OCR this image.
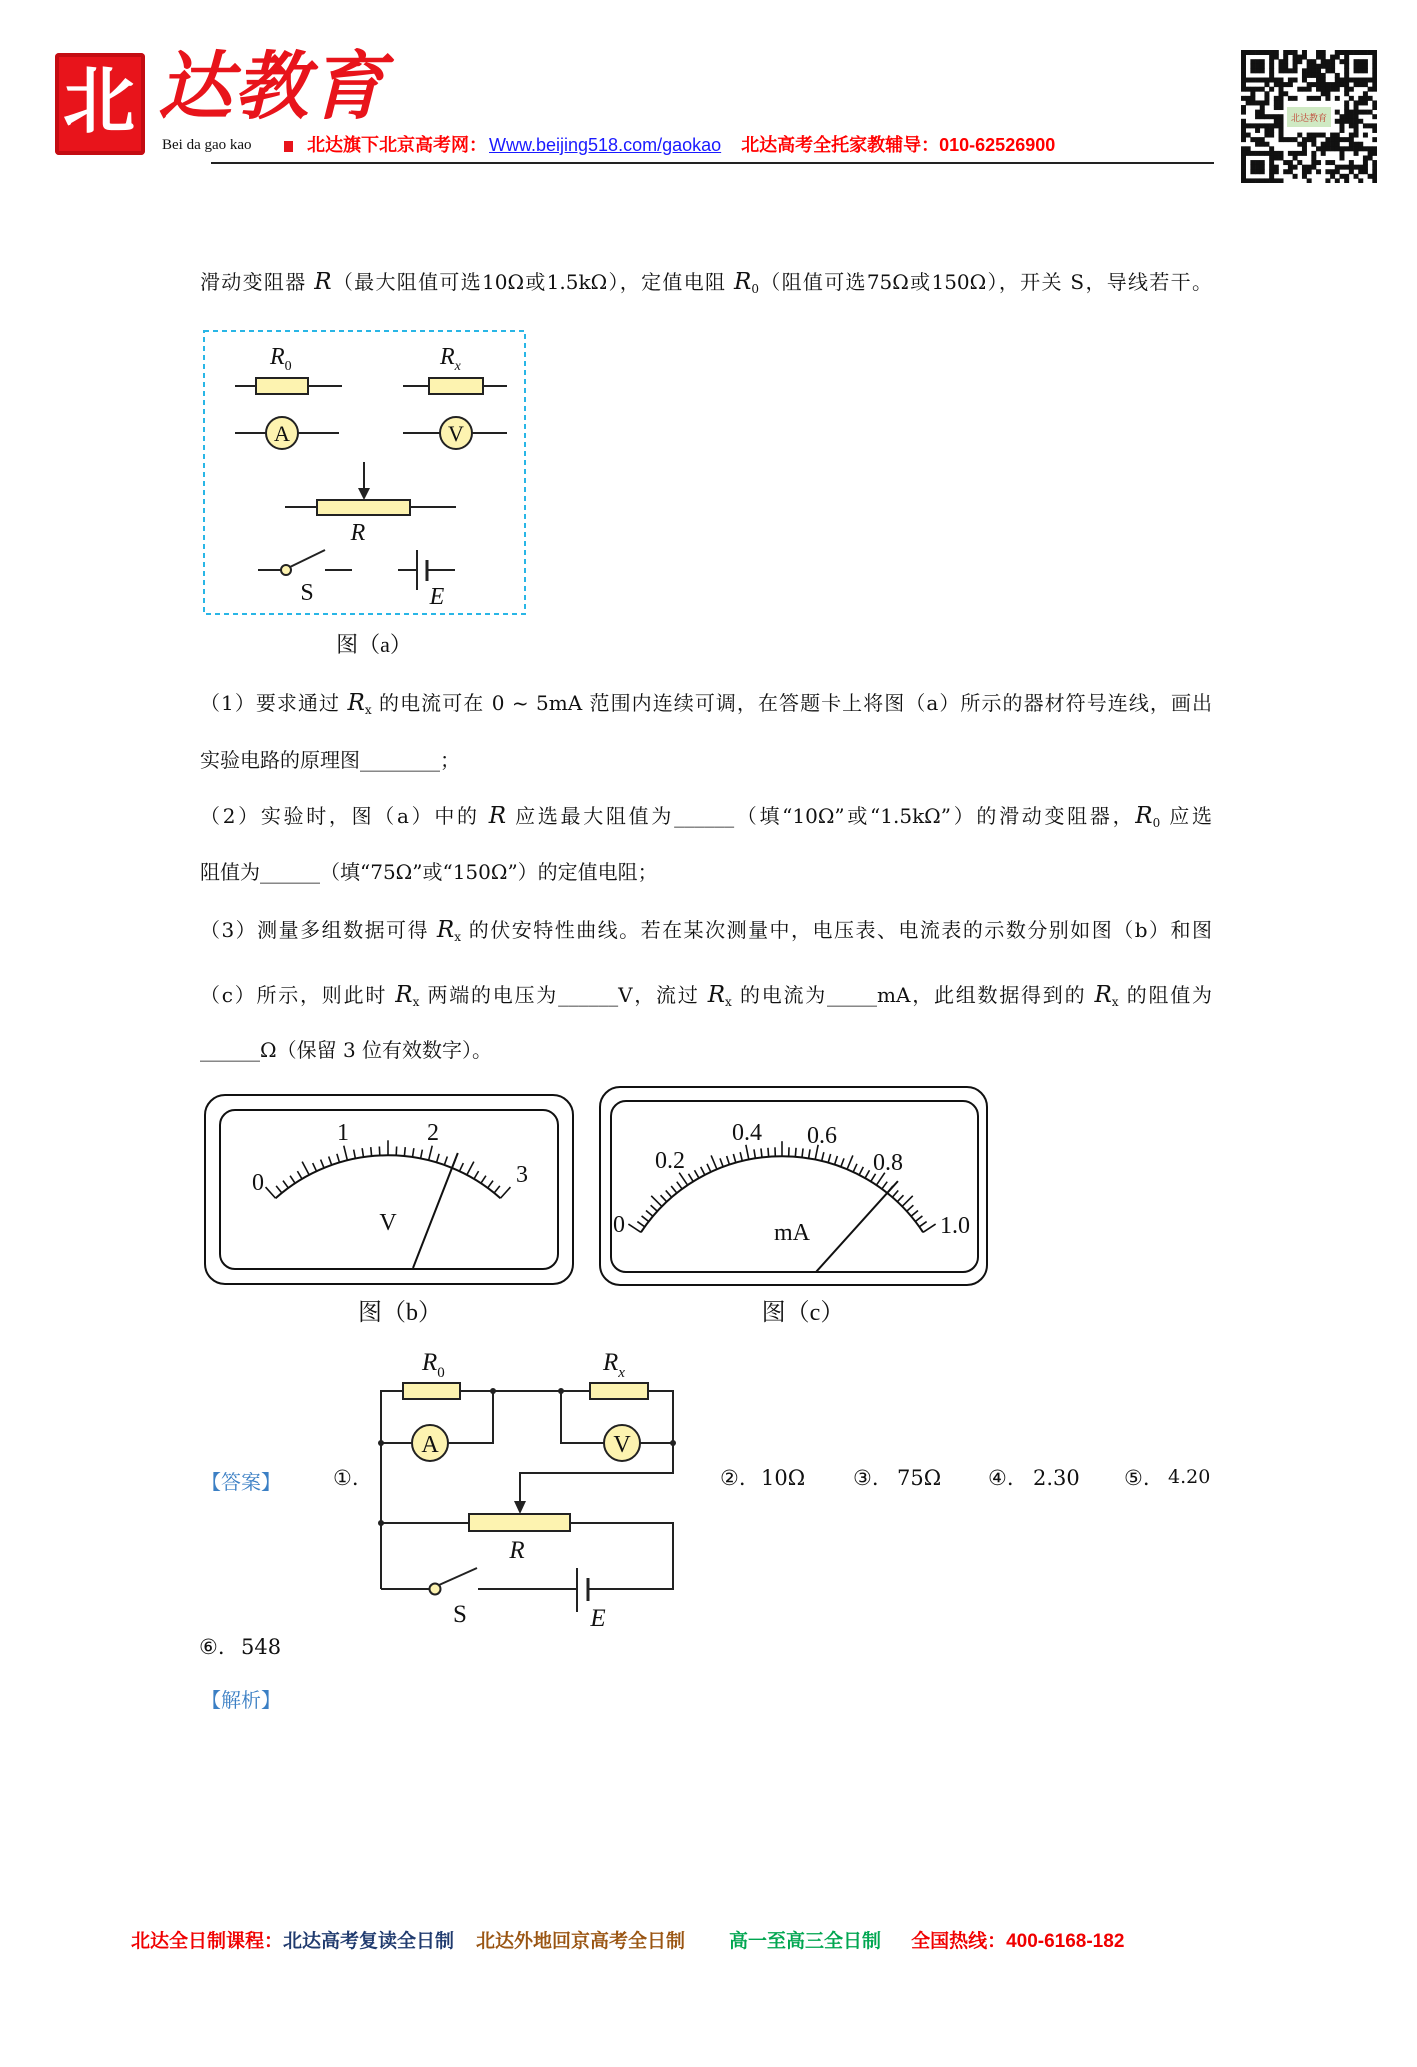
北 达教育
Bei da gao kao	北达旗下北京高考网： Www.beijing518.com/gaokao 北达高考全托家教辅导：010-62526900
北达教育
滑动变阻器 R（最大阻值可选10Ω或1.5kΩ），定值电阻 $R_0$（阻值可选75Ω或150Ω），开关 S，导线若干。
（1）要求通过 $R_x$ 的电流可在 0 ~ 5mA 范围内连续可调，在答题卡上将图（a）所示的器材符号连线，画出
实验电路的原理图________；
（2）实验时，图（a）中的 R 应选最大阻值为______（填“10Ω”或“1.5kΩ”）的滑动变阻器，$R_0$ 应选
阻值为______（填“75Ω”或“150Ω”）的定值电阻；
（3）测量多组数据可得 $R_x$ 的伏安特性曲线。若在某次测量中，电压表、电流表的示数分别如图（b）和图
（c）所示，则此时 $R_x$ 两端的电压为______V，流过 $R_x$ 的电流为_____mA，此组数据得到的 $R_x$ 的阻值为
______Ω（保留 3 位有效数字）。
$R_0$	$R_x$
A	V
R
S	E
图（a）
0
1	2
3
V
图（b）
0
0.2
0.4 0.6
0.8
1.0
mA
图（c）
A	V
$R_0$	$R_x$
R
S	E
【答案】 ①.	②. 10Ω ③. 75Ω ④. 2.30 ⑤. 4.20
⑥. 548
【解析】
北达全日制课程：北达高考复读全日制 北达外地回京高考全日制 高一至高三全日制 全国热线：400-6168-182
